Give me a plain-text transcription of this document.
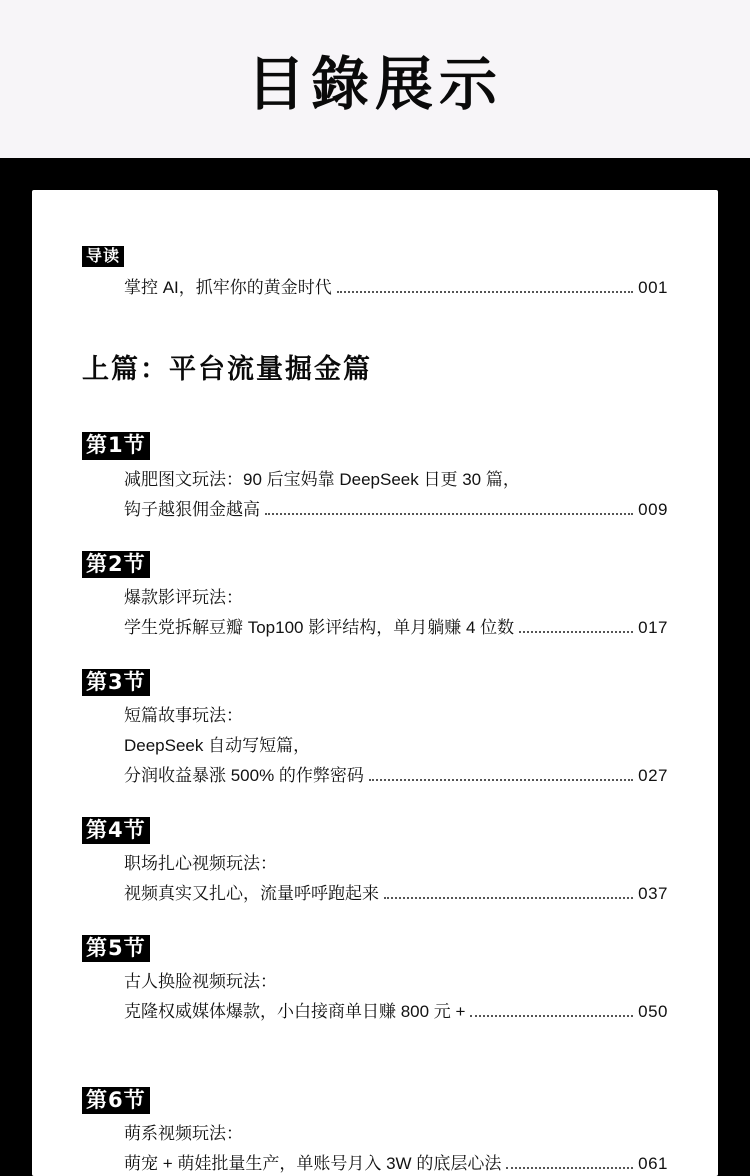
目錄展示
导读
掌控 AI，抓牢你的黄金时代	001
上篇：平台流量掘金篇
第1节
减肥图文玩法：90 后宝妈靠 DeepSeek 日更 30 篇，
钩子越狠佣金越高	009
第2节
爆款影评玩法：
学生党拆解豆瓣 Top100 影评结构，单月躺赚 4 位数	017
第3节
短篇故事玩法：
DeepSeek 自动写短篇，
分润收益暴涨 500% 的作弊密码	027
第4节
职场扎心视频玩法：
视频真实又扎心，流量呼呼跑起来	037
第5节
古人换脸视频玩法：
克隆权威媒体爆款，小白接商单日赚 800 元 +	050
第6节
萌系视频玩法：
萌宠 + 萌娃批量生产，单账号月入 3W 的底层心法	061
